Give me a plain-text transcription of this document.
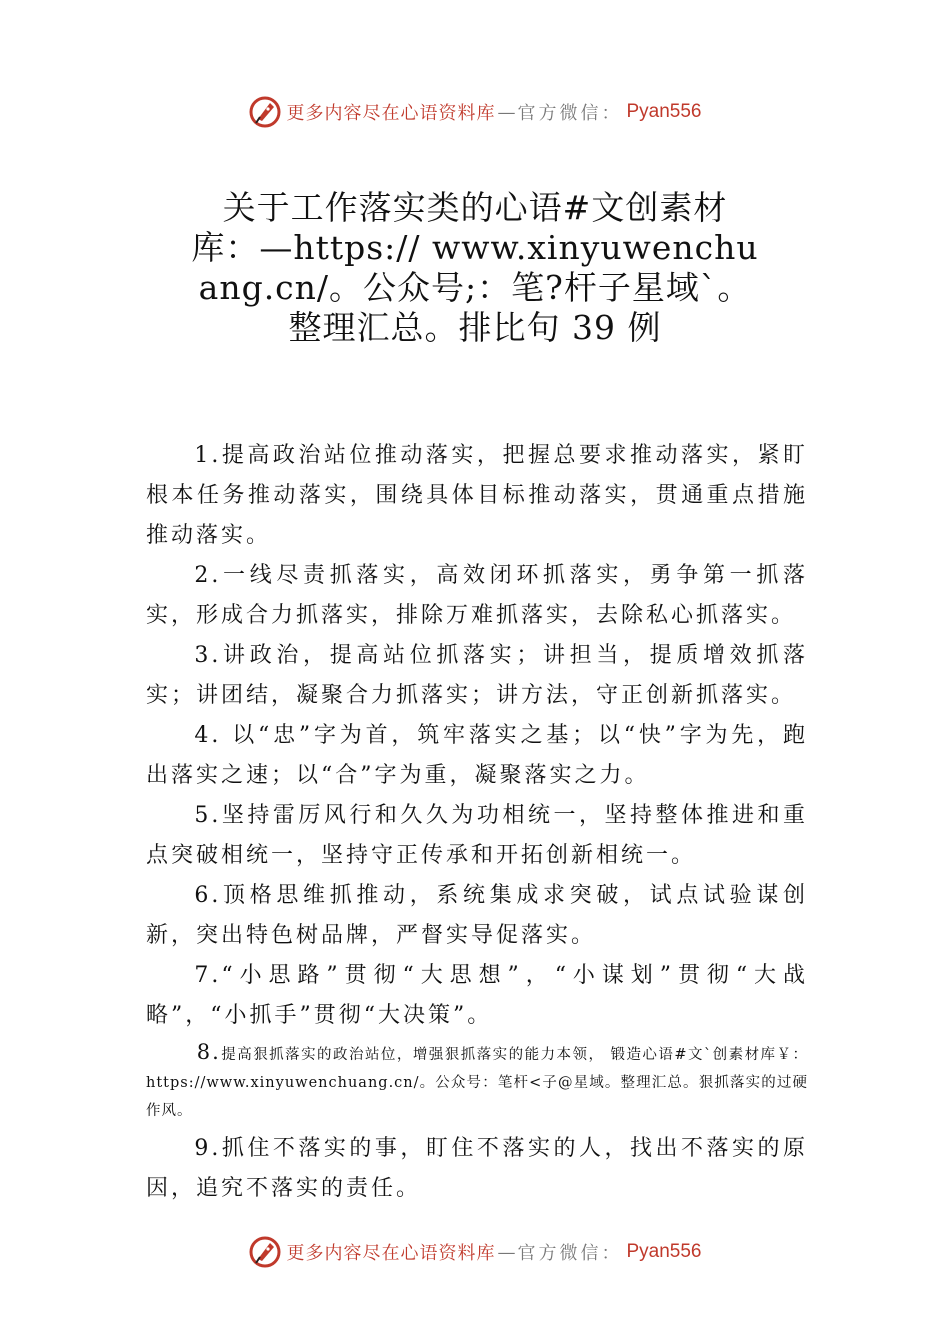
更多内容尽在心语资料库 — 官方微信： Pyan556
关于工作落实类的心语#文创素材库：—https:// www.xinyuwenchuang.cn/。公众号;：笔?杆子星域`。整理汇总。排比句 39 例

1.提高政治站位推动落实，把握总要求推动落实，紧盯根本任务推动落实，围绕具体目标推动落实，贯通重点措施推动落实。

2.一线尽责抓落实，高效闭环抓落实，勇争第一抓落实，形成合力抓落实，排除万难抓落实，去除私心抓落实。

3.讲政治，提高站位抓落实；讲担当，提质增效抓落实；讲团结，凝聚合力抓落实；讲方法，守正创新抓落实。

4. 以“忠”字为首，筑牢落实之基；以“快”字为先，跑出落实之速；以“合”字为重，凝聚落实之力。

5.坚持雷厉风行和久久为功相统一，坚持整体推进和重点突破相统一，坚持守正传承和开拓创新相统一。

6.顶格思维抓推动，系统集成求突破，试点试验谋创新，突出特色树品牌，严督实导促落实。

7.“小思路”贯彻“大思想”，“小谋划”贯彻“大战略”，“小抓手”贯彻“大决策”。

8.提高狠抓落实的政治站位，增强狠抓落实的能力本领， 锻造心语#文`创素材库￥：https://www.xinyuwenchuang.cn/。公众号：笔杆<子@星域。整理汇总。狠抓落实的过硬作风。

9.抓住不落实的事，盯住不落实的人，找出不落实的原因，追究不落实的责任。

更多内容尽在心语资料库 — 官方微信： Pyan556
